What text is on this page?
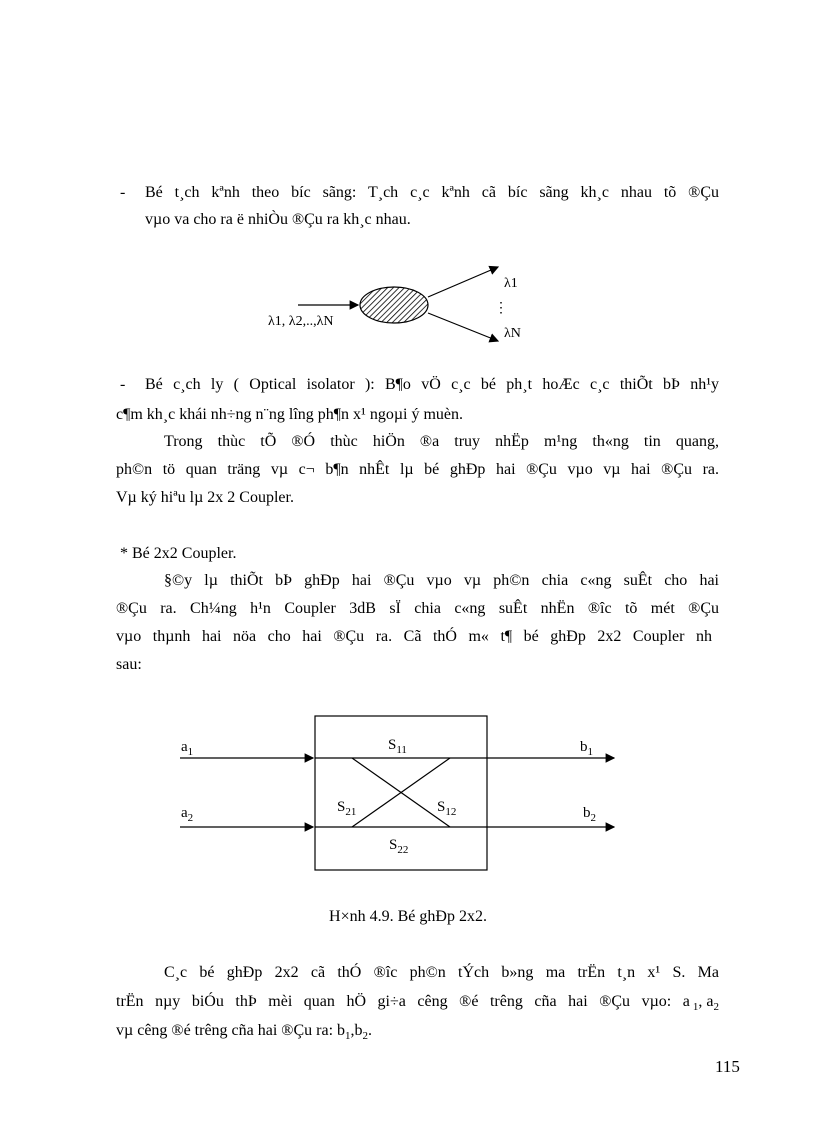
- Bé t¸ch kªnh theo bíc sãng: T¸ch c¸c kªnh cã bíc sãng kh¸c nhau tõ ®Çu
vµo va cho ra ë nhiÒu ®Çu ra kh¸c nhau.
λ1, λ2,..,λN
λ1
⋮
λN
- Bé c¸ch ly ( Optical isolator ): B¶o vÖ c¸c bé ph¸t hoÆc c¸c thiÕt bÞ nh¹y
c¶m kh¸c khái nh÷ng n¨ng lîng ph¶n x¹ ngoµi ý muèn.
Trong thùc tÕ ®Ó thùc hiÖn ®a truy nhËp m¹ng th«ng tin quang,
ph©n tö quan träng vµ c¬ b¶n nhÊt lµ bé ghÐp hai ®Çu vµo vµ hai ®Çu ra.
Vµ ký hiªu lµ 2x 2 Coupler.
* Bé 2x2 Coupler.
§©y lµ thiÕt bÞ ghÐp hai ®Çu vµo vµ ph©n chia c«ng suÊt cho hai
®Çu ra. Ch¼ng h¹n Coupler 3dB sÏ chia c«ng suÊt nhËn ®îc tõ mét ®Çu
vµo thµnh hai nöa cho hai ®Çu ra. Cã thÓ m« t¶ bé ghÐp 2x2 Coupler nh
sau:
$a_1$
$a_2$
$b_1$
$b_2$
$S_{11}$
$S_{21}$	$S_{12}$
$S_{22}$
H×nh 4.9. Bé ghÐp 2x2.
C¸c bé ghÐp 2x2 cã thÓ ®îc ph©n tÝch b»ng ma trËn t¸n x¹ S. Ma
trËn nµy biÓu thÞ mèi quan hÖ gi÷a cêng ®é trêng cña hai ®Çu vµo: a $_1$, $a_2$
vµ cêng ®é trêng cña hai ®Çu ra: $b_1,b_2$.
115
